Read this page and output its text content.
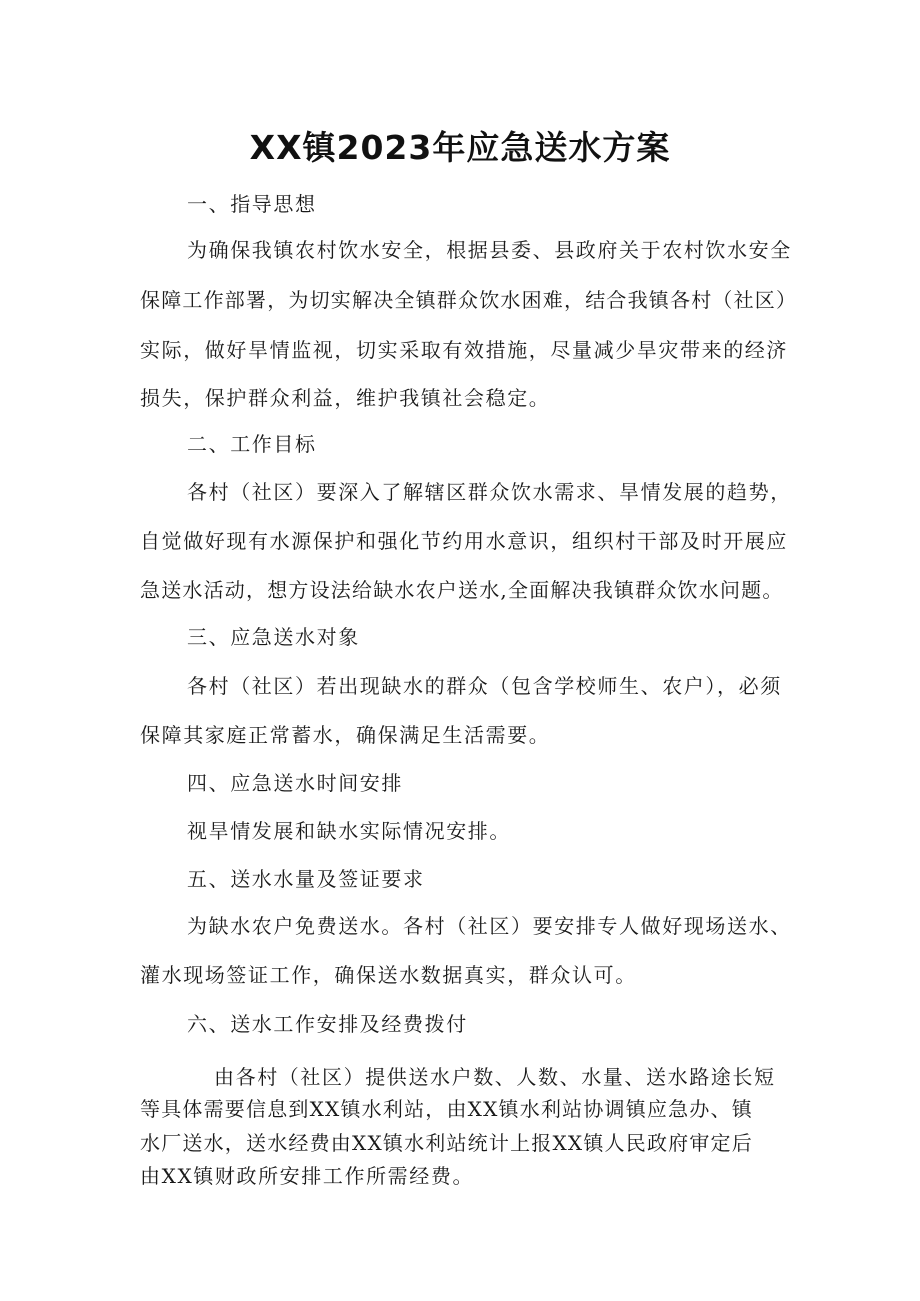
XX镇2023年应急送水方案
一、指导思想
为确保我镇农村饮水安全，根据县委、县政府关于农村饮水安全
保障工作部署，为切实解决全镇群众饮水困难，结合我镇各村（社区）
实际，做好旱情监视，切实采取有效措施，尽量减少旱灾带来的经济
损失，保护群众利益，维护我镇社会稳定。
二、工作目标
各村（社区）要深入了解辖区群众饮水需求、旱情发展的趋势，
自觉做好现有水源保护和强化节约用水意识，组织村干部及时开展应
急送水活动，想方设法给缺水农户送水,全面解决我镇群众饮水问题。
三、应急送水对象
各村（社区）若出现缺水的群众（包含学校师生、农户），必须
保障其家庭正常蓄水，确保满足生活需要。
四、应急送水时间安排
视旱情发展和缺水实际情况安排。
五、送水水量及签证要求
为缺水农户免费送水。各村（社区）要安排专人做好现场送水、
灌水现场签证工作，确保送水数据真实，群众认可。
六、送水工作安排及经费拨付
由各村（社区）提供送水户数、人数、水量、送水路途长短
等具体需要信息到XX镇水利站，由XX镇水利站协调镇应急办、镇
水厂送水，送水经费由XX镇水利站统计上报XX镇人民政府审定后
由XX镇财政所安排工作所需经费。
